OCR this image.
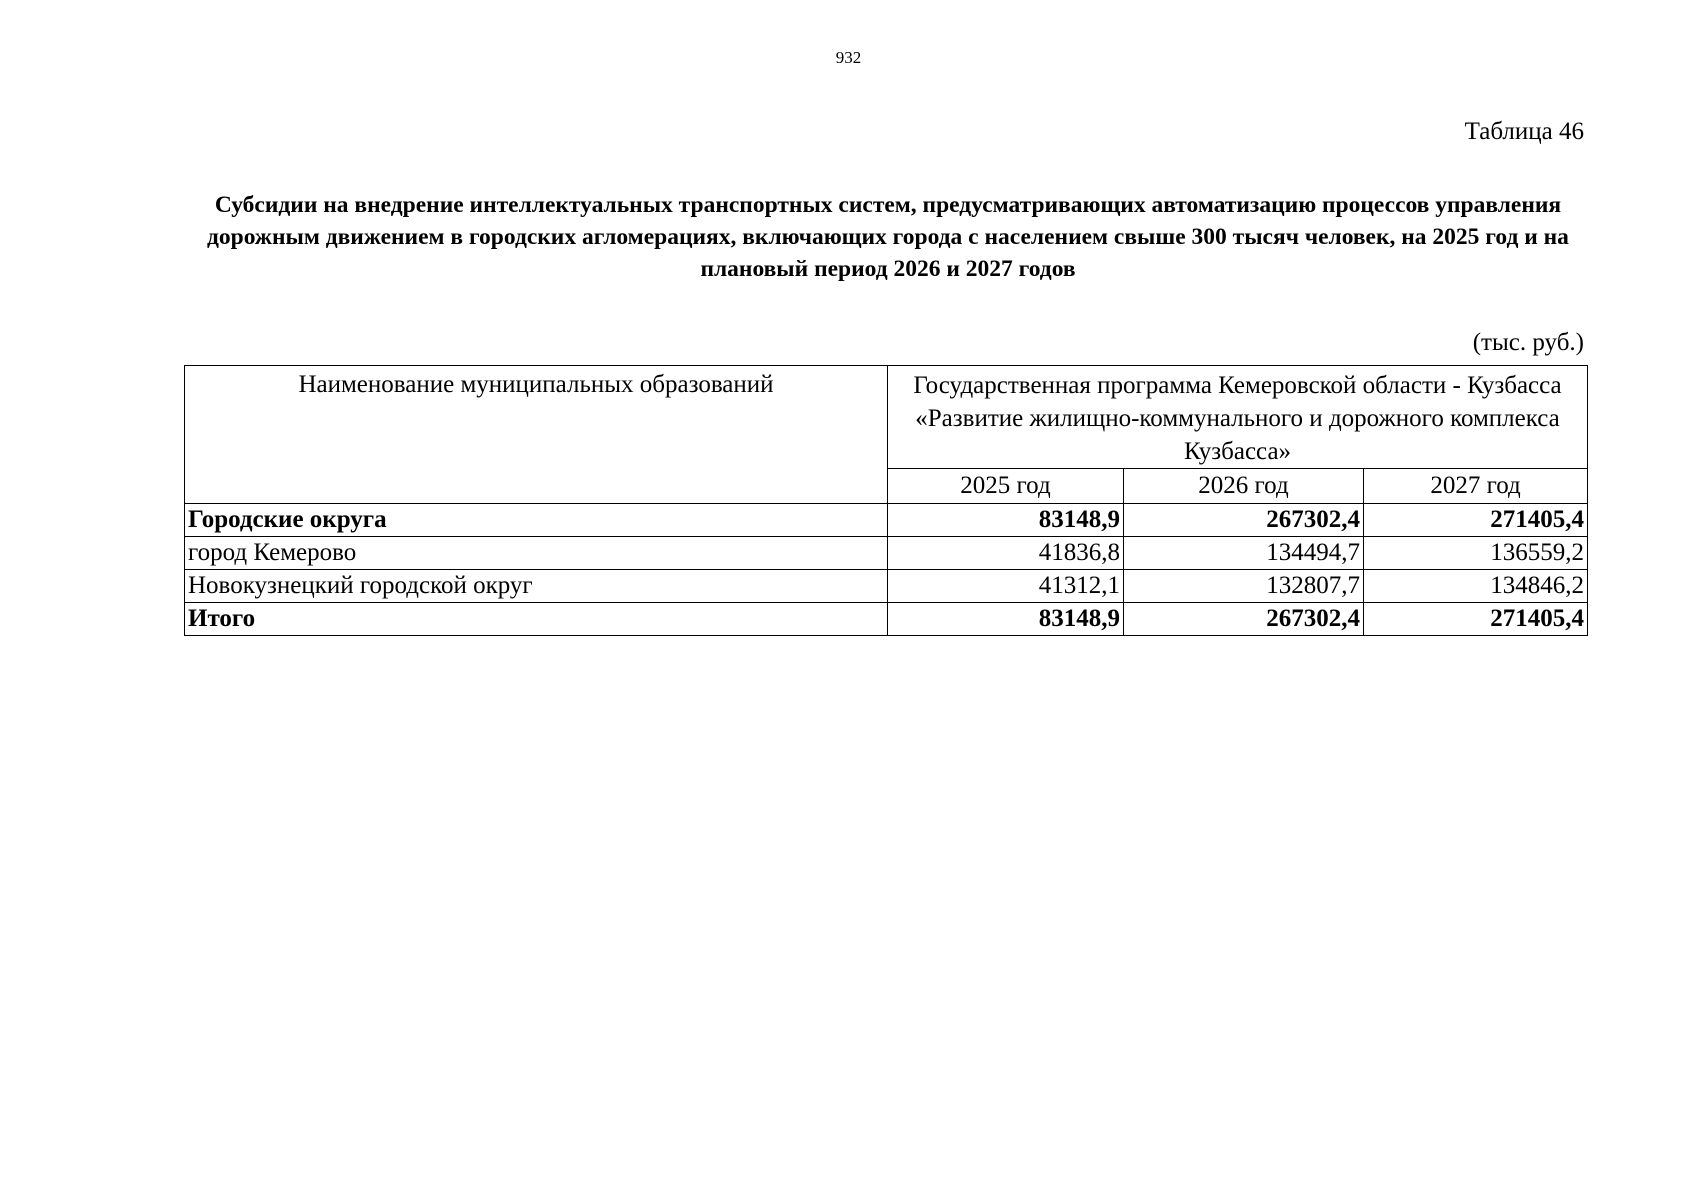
932
Таблица 46
Субсидии на внедрение интеллектуальных транспортных систем, предусматривающих автоматизацию процессов управления дорожным движением в городских агломерациях, включающих города с населением свыше 300 тысяч человек, на 2025 год и на плановый период 2026 и 2027 годов
(тыс. руб.)
Наименование муниципальных образований	Государственная программа Кемеровской области - Кузбасса «Развитие жилищно-коммунального и дорожного комплекса Кузбасса»		
	2025 год	2026 год	2027 год
Городские округа	83148,9	267302,4	271405,4
город Кемерово	41836,8	134494,7	136559,2
Новокузнецкий городской округ	41312,1	132807,7	134846,2
Итого	83148,9	267302,4	271405,4
